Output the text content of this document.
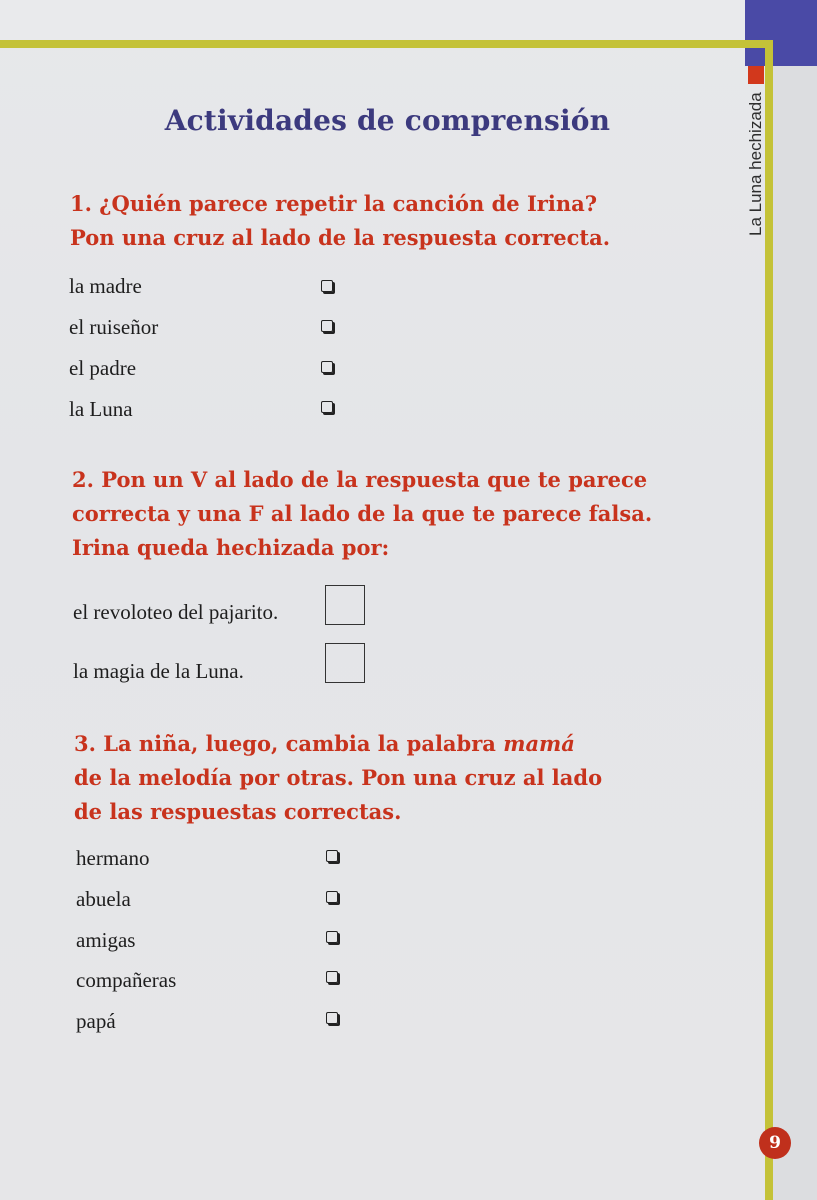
La Luna hechizada
Actividades de comprensión
1. ¿Quién parece repetir la canción de Irina?
Pon una cruz al lado de la respuesta correcta.
la madre
el ruiseñor
el padre
la Luna
2. Pon un V al lado de la respuesta que te parece
correcta y una F al lado de la que te parece falsa.
Irina queda hechizada por:
el revoloteo del pajarito.
la magia de la Luna.
3. La niña, luego, cambia la palabra mamá
de la melodía por otras. Pon una cruz al lado
de las respuestas correctas.
hermano
abuela
amigas
compañeras
papá
9
